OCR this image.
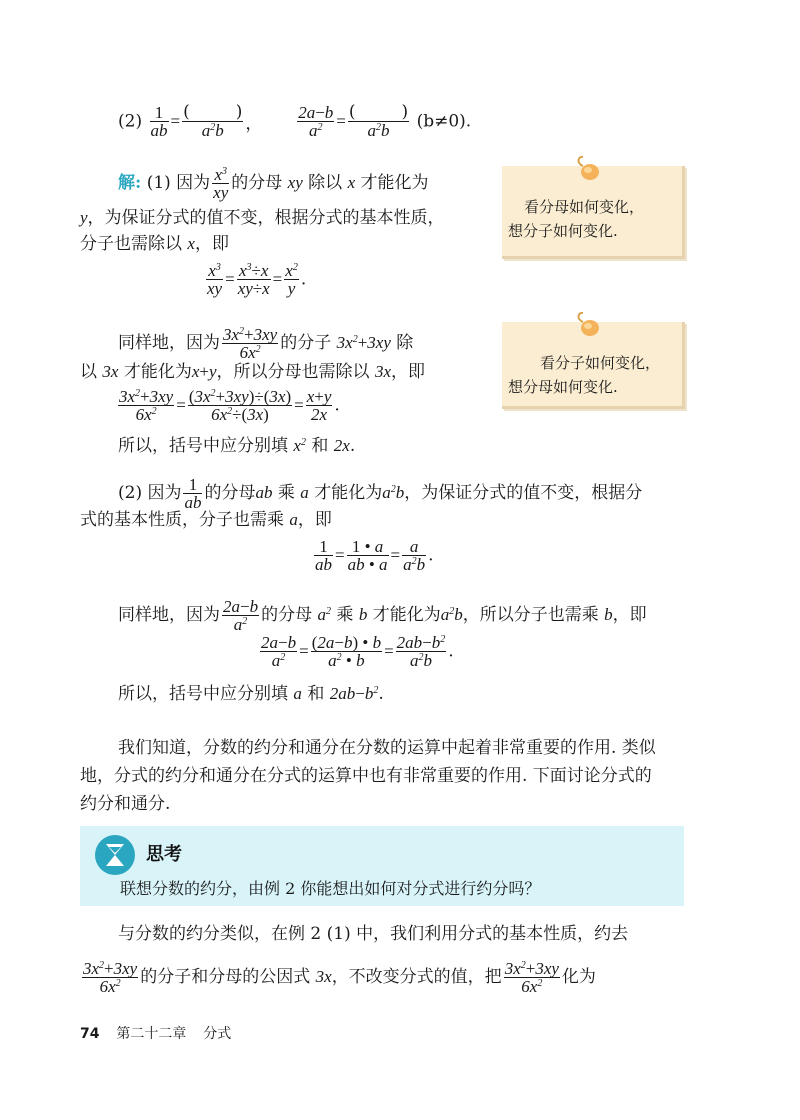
$(2) \frac{1}{ab}$ = (	)
$a^2b$ ， $\frac{2a-b}{a^2}$ = (	)
$a^2b$ (b≠0).
解: (1) 因为 $\frac{x^3}{xy}$ 的分母 xy 除以 x 才能化为
y，为保证分式的值不变，根据分式的基本性质，
分子也需除以 x，即
$\frac{x^3}{xy} = \frac{x^3\div x}{xy\div x} = \frac{x^2}{y}$ .
同样地，因为 $\frac{3x^2+3xy}{6x^2}$ 的分子 $3x^2+3xy$ 除
以 3x 才能化为x+y，所以分母也需除以 3x，即
$\frac{3x^2+3xy}{6x^2} = \frac{(3x^2+3xy)\div(3x)}{6x^2\div(3x)} = \frac{x+y}{2x}$ .
所以，括号中应分别填 $x^2$ 和 2x.
(2) 因为 $\frac{1}{ab}$ 的分母ab 乘 a 才能化为$a^2b$，为保证分式的值不变，根据分
式的基本性质，分子也需乘 a，即
$\frac{1}{ab} = \frac{1 • a}{ab • a} = \frac{a}{a^2b}$ .
同样地，因为 $\frac{2a-b}{a^2}$ 的分母 $a^2$ 乘 b 才能化为$a^2b$，所以分子也需乘 b，即
$\frac{2a-b}{a^2} = \frac{(2a-b) • b}{a^2 • b} = \frac{2ab-b^2}{a^2b}$ .
所以，括号中应分别填 a 和 $2ab-b^2$.
看分母如何变化，
想分子如何变化.
看分子如何变化，
想分母如何变化.
我们知道，分数的约分和通分在分数的运算中起着非常重要的作用. 类似
地，分式的约分和通分在分式的运算中也有非常重要的作用. 下面讨论分式的
约分和通分.
思考
联想分数的约分，由例 2 你能想出如何对分式进行约分吗？
与分数的约分类似，在例 2 (1) 中，我们利用分式的基本性质，约去
$\frac{3x^2+3xy}{6x^2}$ 的分子和分母的公因式 3x，不改变分式的值，把 $\frac{3x^2+3xy}{6x^2}$ 化为
74 第二十二章 分式
